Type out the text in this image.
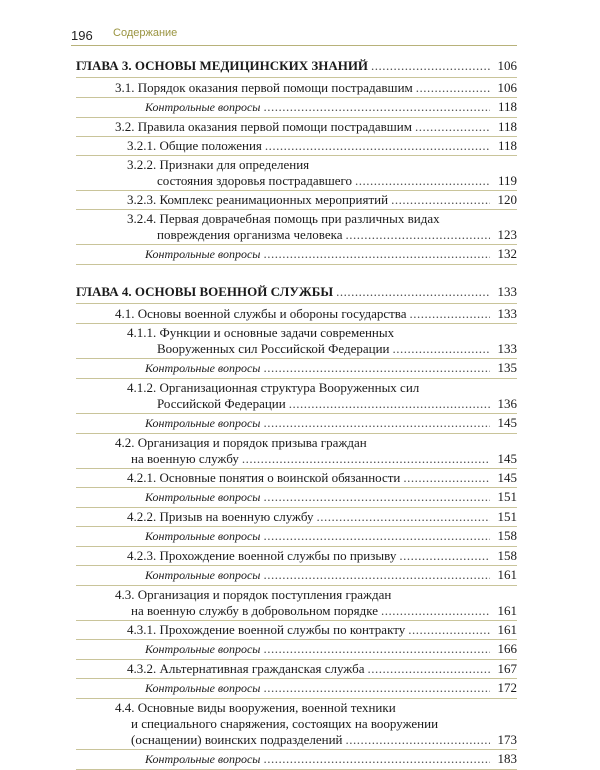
196 Содержание
ГЛАВА 3. ОСНОВЫ МЕДИЦИНСКИХ ЗНАНИЙ .....	106
3.1. Порядок оказания первой помощи пострадавшим .....	106
Контрольные вопросы .....	118
3.2. Правила оказания первой помощи пострадавшим .....	118
3.2.1. Общие положения .....	118
3.2.2. Признаки для определения
состояния здоровья пострадавшего .....	119
3.2.3. Комплекс реанимационных мероприятий .....	120
3.2.4. Первая доврачебная помощь при различных видах
повреждения организма человека .....	123
Контрольные вопросы .....	132
ГЛАВА 4. ОСНОВЫ ВОЕННОЙ СЛУЖБЫ .....	133
4.1. Основы военной службы и обороны государства .....	133
4.1.1. Функции и основные задачи современных
Вооруженных сил Российской Федерации .....	133
Контрольные вопросы .....	135
4.1.2. Организационная структура Вооруженных сил
Российской Федерации .....	136
Контрольные вопросы .....	145
4.2. Организация и порядок призыва граждан
на военную службу .....	145
4.2.1. Основные понятия о воинской обязанности .....	145
Контрольные вопросы .....	151
4.2.2. Призыв на военную службу .....	151
Контрольные вопросы .....	158
4.2.3. Прохождение военной службы по призыву .....	158
Контрольные вопросы .....	161
4.3. Организация и порядок поступления граждан
на военную службу в добровольном порядке .....	161
4.3.1. Прохождение военной службы по контракту .....	161
Контрольные вопросы .....	166
4.3.2. Альтернативная гражданская служба .....	167
Контрольные вопросы .....	172
4.4. Основные виды вооружения, военной техники
и специального снаряжения, состоящих на вооружении
(оснащении) воинских подразделений .....	173
Контрольные вопросы .....	183
